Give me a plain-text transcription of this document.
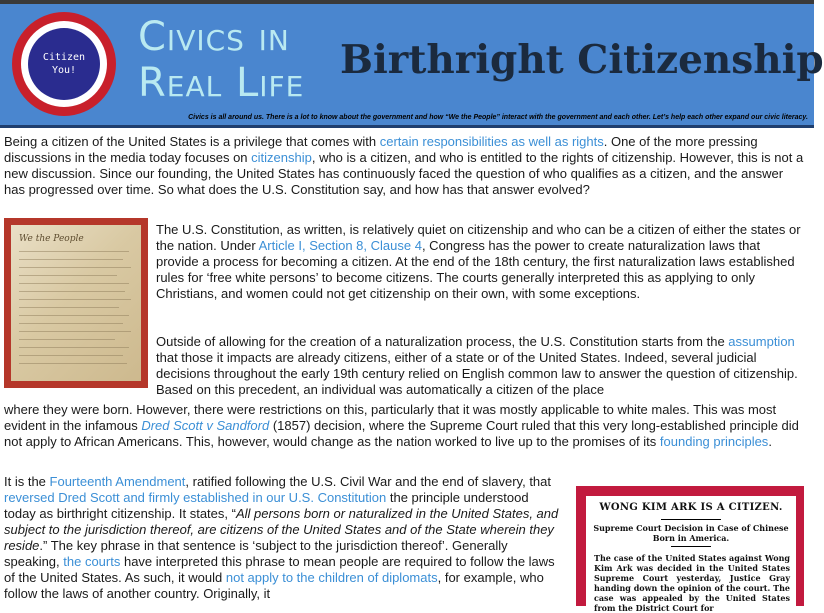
Citizen
You!
Civics in Real Life Birthright Citizenship
Civics is all around us. There is a lot to know about the government and how “We the People” interact with the government and each other. Let’s help each other expand our civic literacy.

Being a citizen of the United States is a privilege that comes with certain responsibilities as well as rights. One of the more pressing discussions in the media today focuses on citizenship, who is a citizen, and who is entitled to the rights of citizenship. However, this is not a new discussion. Since our founding, the United States has continuously faced the question of who qualifies as a citizen, and the answer has progressed over time. So what does the U.S. Constitution say, and how has that answer evolved?

We the People

The U.S. Constitution, as written, is relatively quiet on citizenship and who can be a citizen of either the states or the nation. Under Article I, Section 8, Clause 4, Congress has the power to create naturalization laws that provide a process for becoming a citizen. At the end of the 18th century, the first naturalization laws established rules for ‘free white persons’ to become citizens. The courts generally interpreted this as applying to only Christians, and women could not get citizenship on their own, with some exceptions.

Outside of allowing for the creation of a naturalization process, the U.S. Constitution starts from the assumption that those it impacts are already citizens, either of a state or of the United States. Indeed, several judicial decisions throughout the early 19th century relied on English common law to answer the question of citizenship. Based on this precedent, an individual was automatically a citizen of the place

where they were born. However, there were restrictions on this, particularly that it was mostly applicable to white males. This was most evident in the infamous Dred Scott v Sandford (1857) decision, where the Supreme Court ruled that this very long-established principle did not apply to African Americans. This, however, would change as the nation worked to live up to the promises of its founding principles.

It is the Fourteenth Amendment, ratified following the U.S. Civil War and the end of slavery, that reversed Dred Scott and firmly established in our U.S. Constitution the principle understood today as birthright citizenship. It states, “All persons born or naturalized in the United States, and subject to the jurisdiction thereof, are citizens of the United States and of the State wherein they reside.” The key phrase in that sentence is ‘subject to the jurisdiction thereof’. Generally speaking, the courts have interpreted this phrase to mean people are required to follow the laws of the United States. As such, it would not apply to the children of diplomats, for example, who follow the laws of another country. Originally, it

WONG KIM ARK IS A CITIZEN.
Supreme Court Decision in Case of Chinese Born in America.
The case of the United States against Wong Kim Ark was decided in the United States Supreme Court yesterday, Justice Gray handing down the opinion of the court. The case was appealed by the United States from the District Court for
